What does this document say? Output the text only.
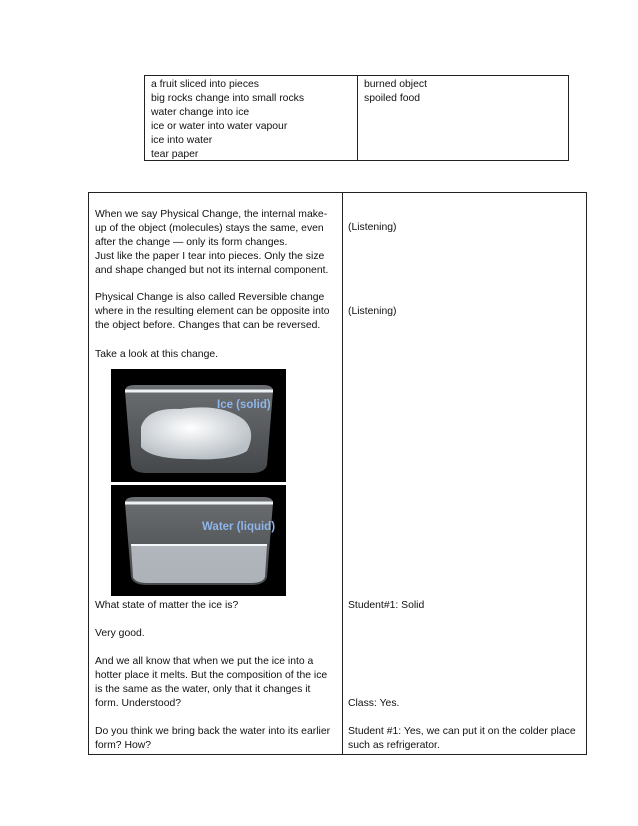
a fruit sliced into pieces
big rocks change into small rocks
water change into ice
ice or water into water vapour
ice into water
tear paper
burned object
spoiled food
When we say Physical Change, the internal make-
up of the object (molecules) stays the same, even
after the change — only its form changes.
Just like the paper I tear into pieces. Only the size
and shape changed but not its internal component.
Physical Change is also called Reversible change
where in the resulting element can be opposite into
the object before. Changes that can be reversed.
Take a look at this change.
Ice (solid)
Water (liquid)
What state of matter the ice is?
Very good.
And we all know that when we put the ice into a
hotter place it melts. But the composition of the ice
is the same as the water, only that it changes it
form. Understood?
Do you think we bring back the water into its earlier
form? How?
(Listening)
(Listening)
Student#1: Solid
Class: Yes.
Student #1: Yes, we can put it on the colder place
such as refrigerator.
